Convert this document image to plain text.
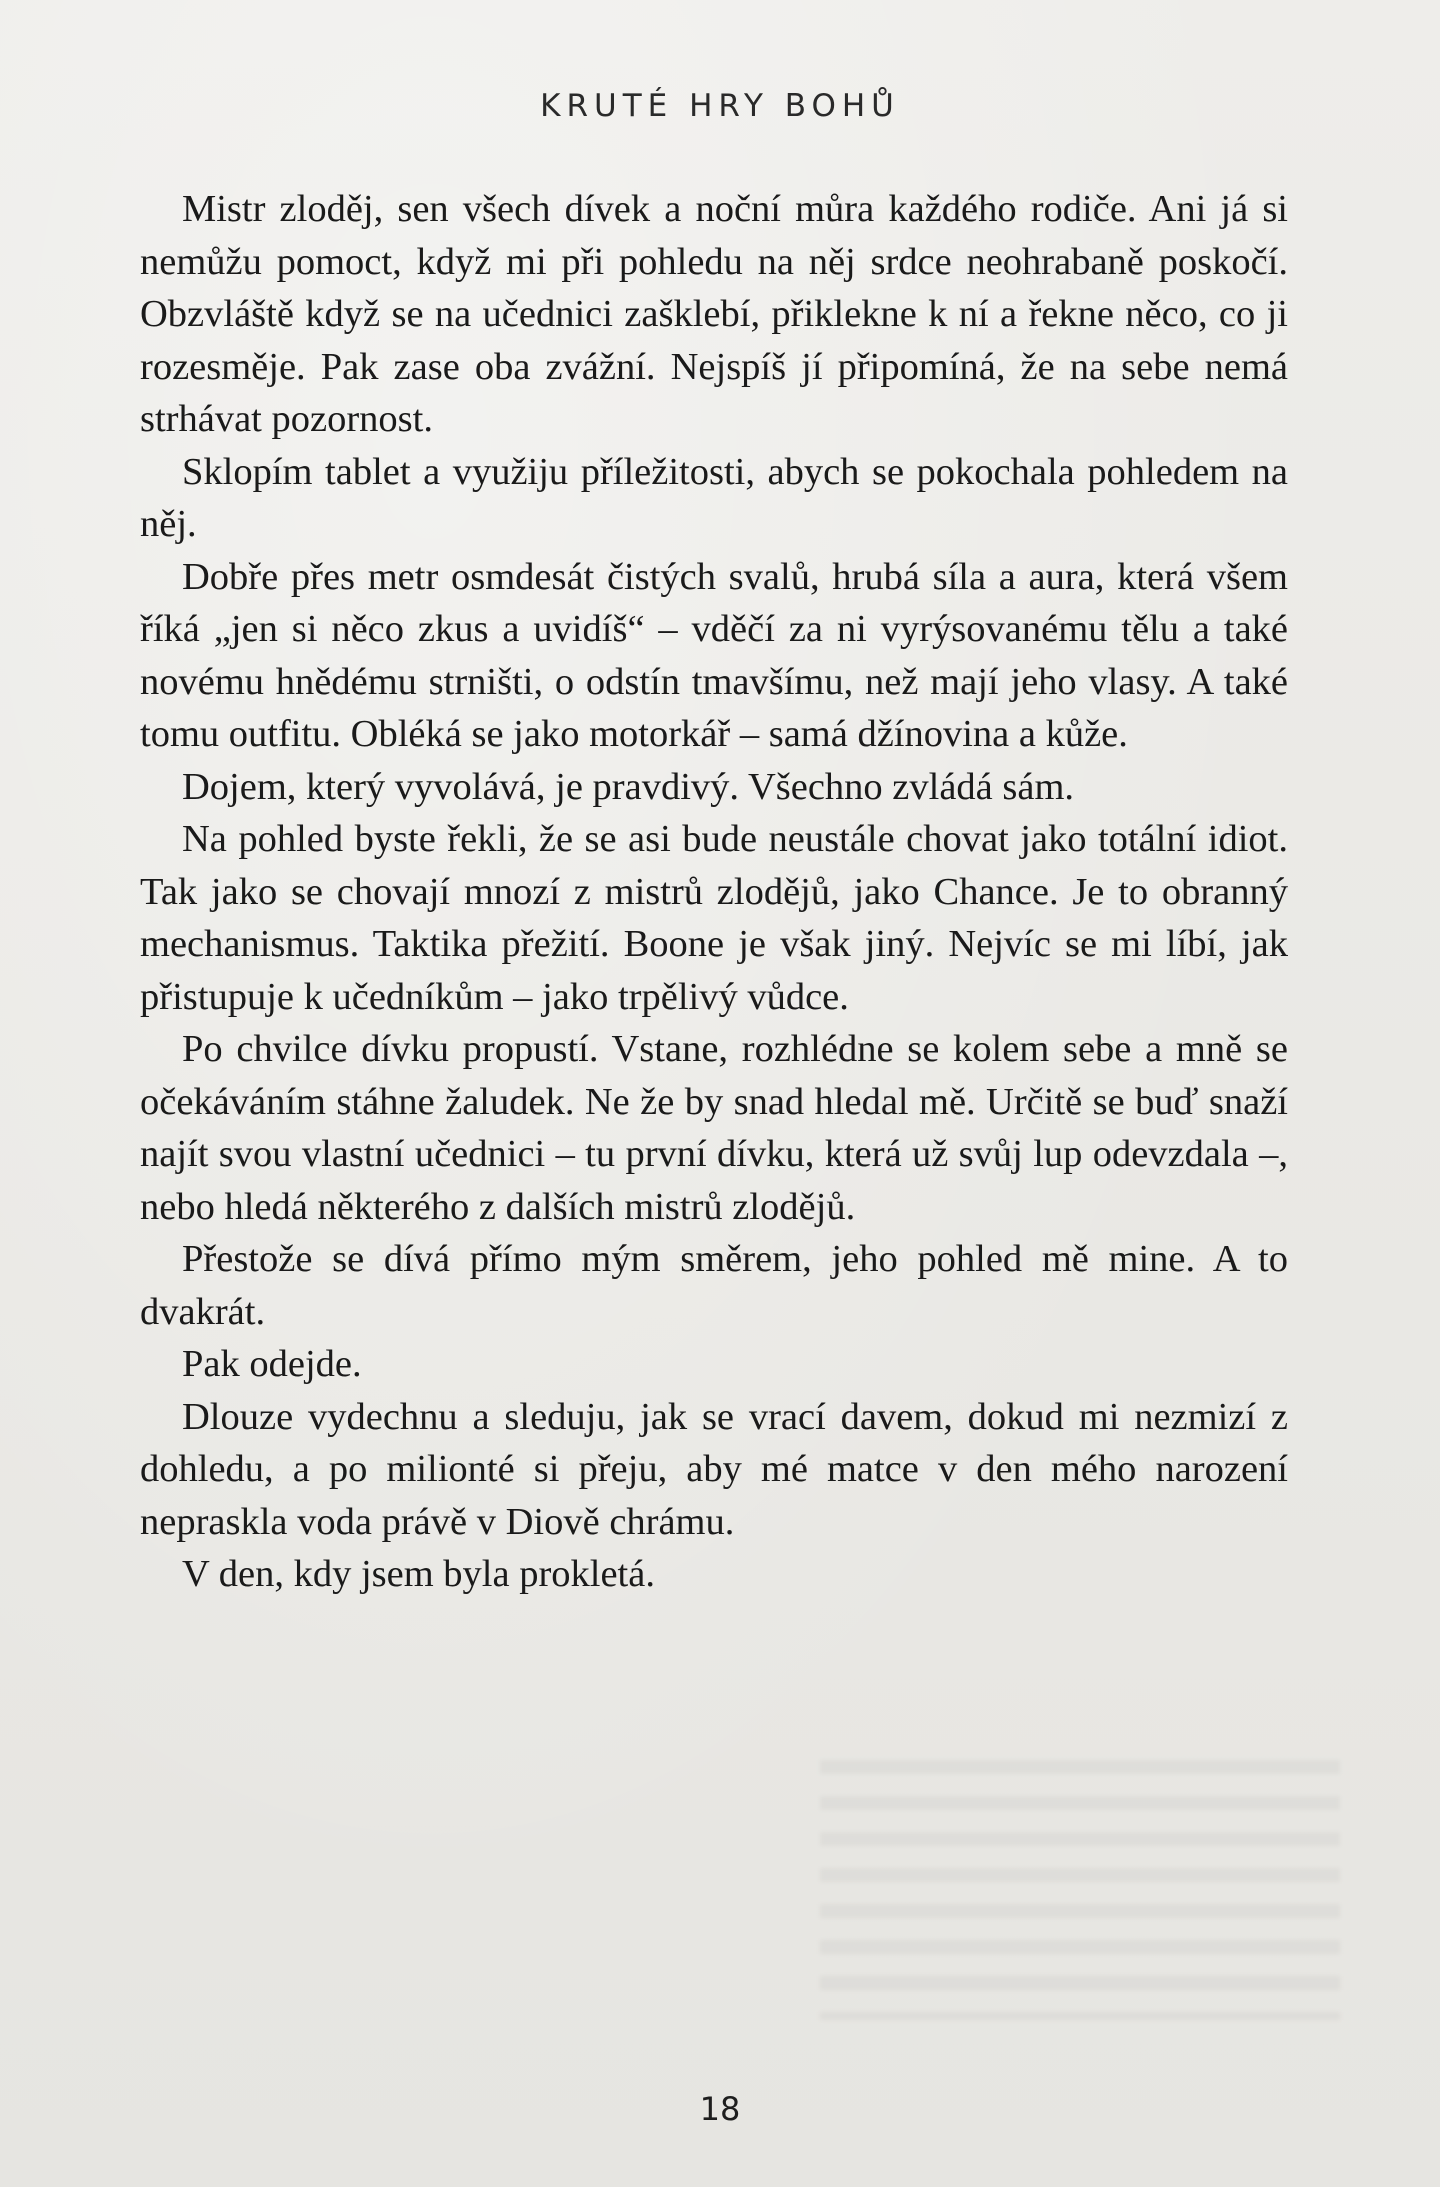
KRUTÉ HRY BOHŮ

Mistr zloděj, sen všech dívek a noční můra každého rodiče. Ani já si nemůžu pomoct, když mi při pohledu na něj srdce neohrabaně poskočí. Obzvláště když se na učednici zašklebí, přiklekne k ní a řekne něco, co ji rozesměje. Pak zase oba zvážní. Nejspíš jí připomíná, že na sebe nemá strhávat pozornost.

Sklopím tablet a využiju příležitosti, abych se pokochala pohledem na něj.

Dobře přes metr osmdesát čistých svalů, hrubá síla a aura, která všem říká „jen si něco zkus a uvidíš“ – vděčí za ni vyrýsovanému tělu a také novému hnědému strništi, o odstín tmavšímu, než mají jeho vlasy. A také tomu outfitu. Obléká se jako motorkář – samá džínovina a kůže.

Dojem, který vyvolává, je pravdivý. Všechno zvládá sám.

Na pohled byste řekli, že se asi bude neustále chovat jako totální idiot. Tak jako se chovají mnozí z mistrů zlodějů, jako Chance. Je to obranný mechanismus. Taktika přežití. Boone je však jiný. Nejvíc se mi líbí, jak přistupuje k učedníkům – jako trpělivý vůdce.

Po chvilce dívku propustí. Vstane, rozhlédne se kolem sebe a mně se očekáváním stáhne žaludek. Ne že by snad hledal mě. Určitě se buď snaží najít svou vlastní učednici – tu první dívku, která už svůj lup odevzdala –, nebo hledá některého z dalších mistrů zlodějů.

Přestože se dívá přímo mým směrem, jeho pohled mě mine. A to dvakrát.

Pak odejde.

Dlouze vydechnu a sleduju, jak se vrací davem, dokud mi nezmizí z dohledu, a po milionté si přeju, aby mé matce v den mého narození nepraskla voda právě v Diově chrámu.

V den, kdy jsem byla prokletá.

18
